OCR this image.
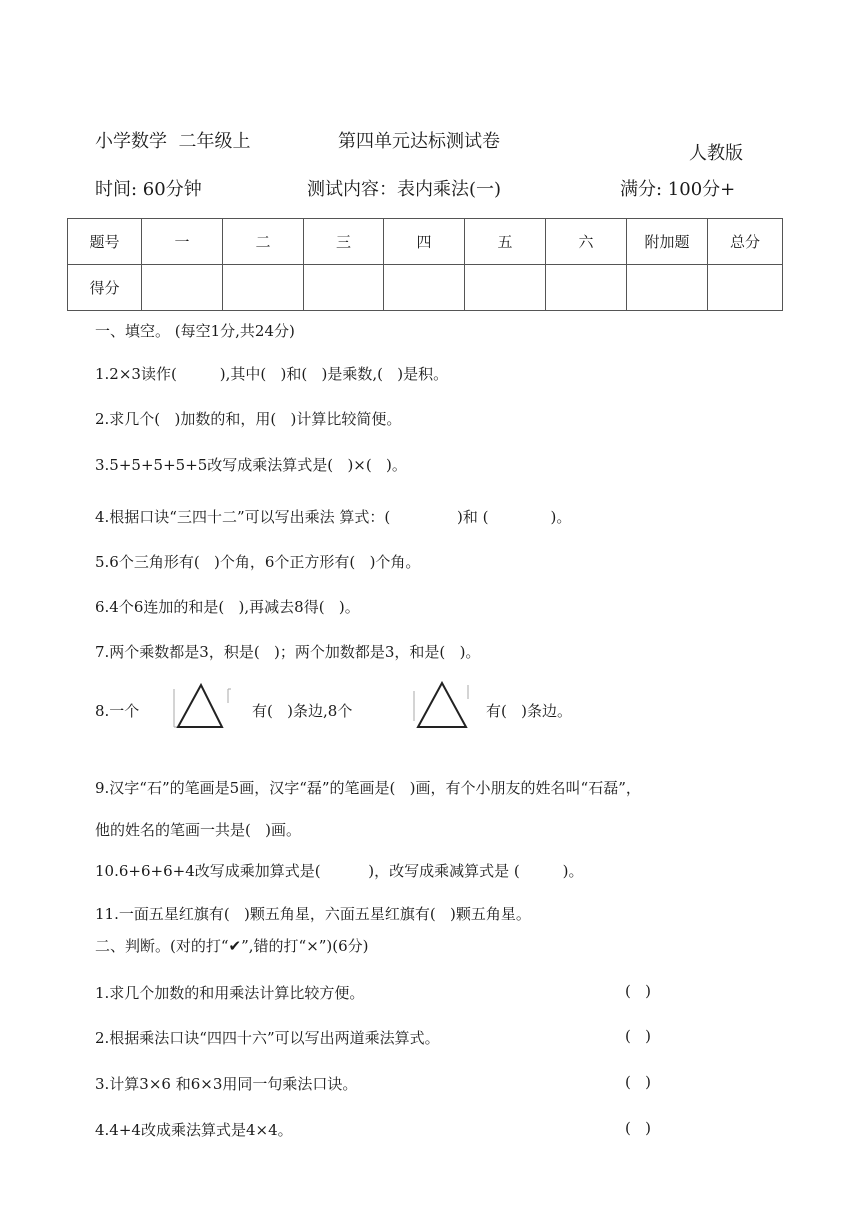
小学数学  二年级上	第四单元达标测试卷
人教版
时间: 60分钟	测试内容：表内乘法(一)	满分: 100分+
题号	一	二	三	四	五	六	附加题	总分
得分								
一、填空。 (每空1分,共24分)
1.2×3读作(         ),其中(   )和(   )是乘数,(   )是积。
2.求几个(   )加数的和，用(   )计算比较简便。
3.5+5+5+5+5改写成乘法算式是(   )×(   )。
4.根据口诀“三四十二”可以写出乘法 算式：(              )和 (             )。
5.6个三角形有(   )个角，6个正方形有(   )个角。
6.4个6连加的和是(   ),再减去8得(   )。
7.两个乘数都是3，积是(   )；两个加数都是3，和是(   )。
8.一个	有(   )条边,8个	有(   )条边。
9.汉字“石”的笔画是5画，汉字“磊”的笔画是(   )画，有个小朋友的姓名叫“石磊”，
他的姓名的笔画一共是(   )画。
10.6+6+6+4改写成乘加算式是(          )，改写成乘减算式是 (         )。
11.一面五星红旗有(   )颗五角星，六面五星红旗有(   )颗五角星。
二、判断。(对的打“✔”,错的打“×”)(6分)
1.求几个加数的和用乘法计算比较方便。	(   )
2.根据乘法口诀“四四十六”可以写出两道乘法算式。	(   )
3.计算3×6 和6×3用同一句乘法口诀。	(   )
4.4+4改成乘法算式是4×4。	(   )
